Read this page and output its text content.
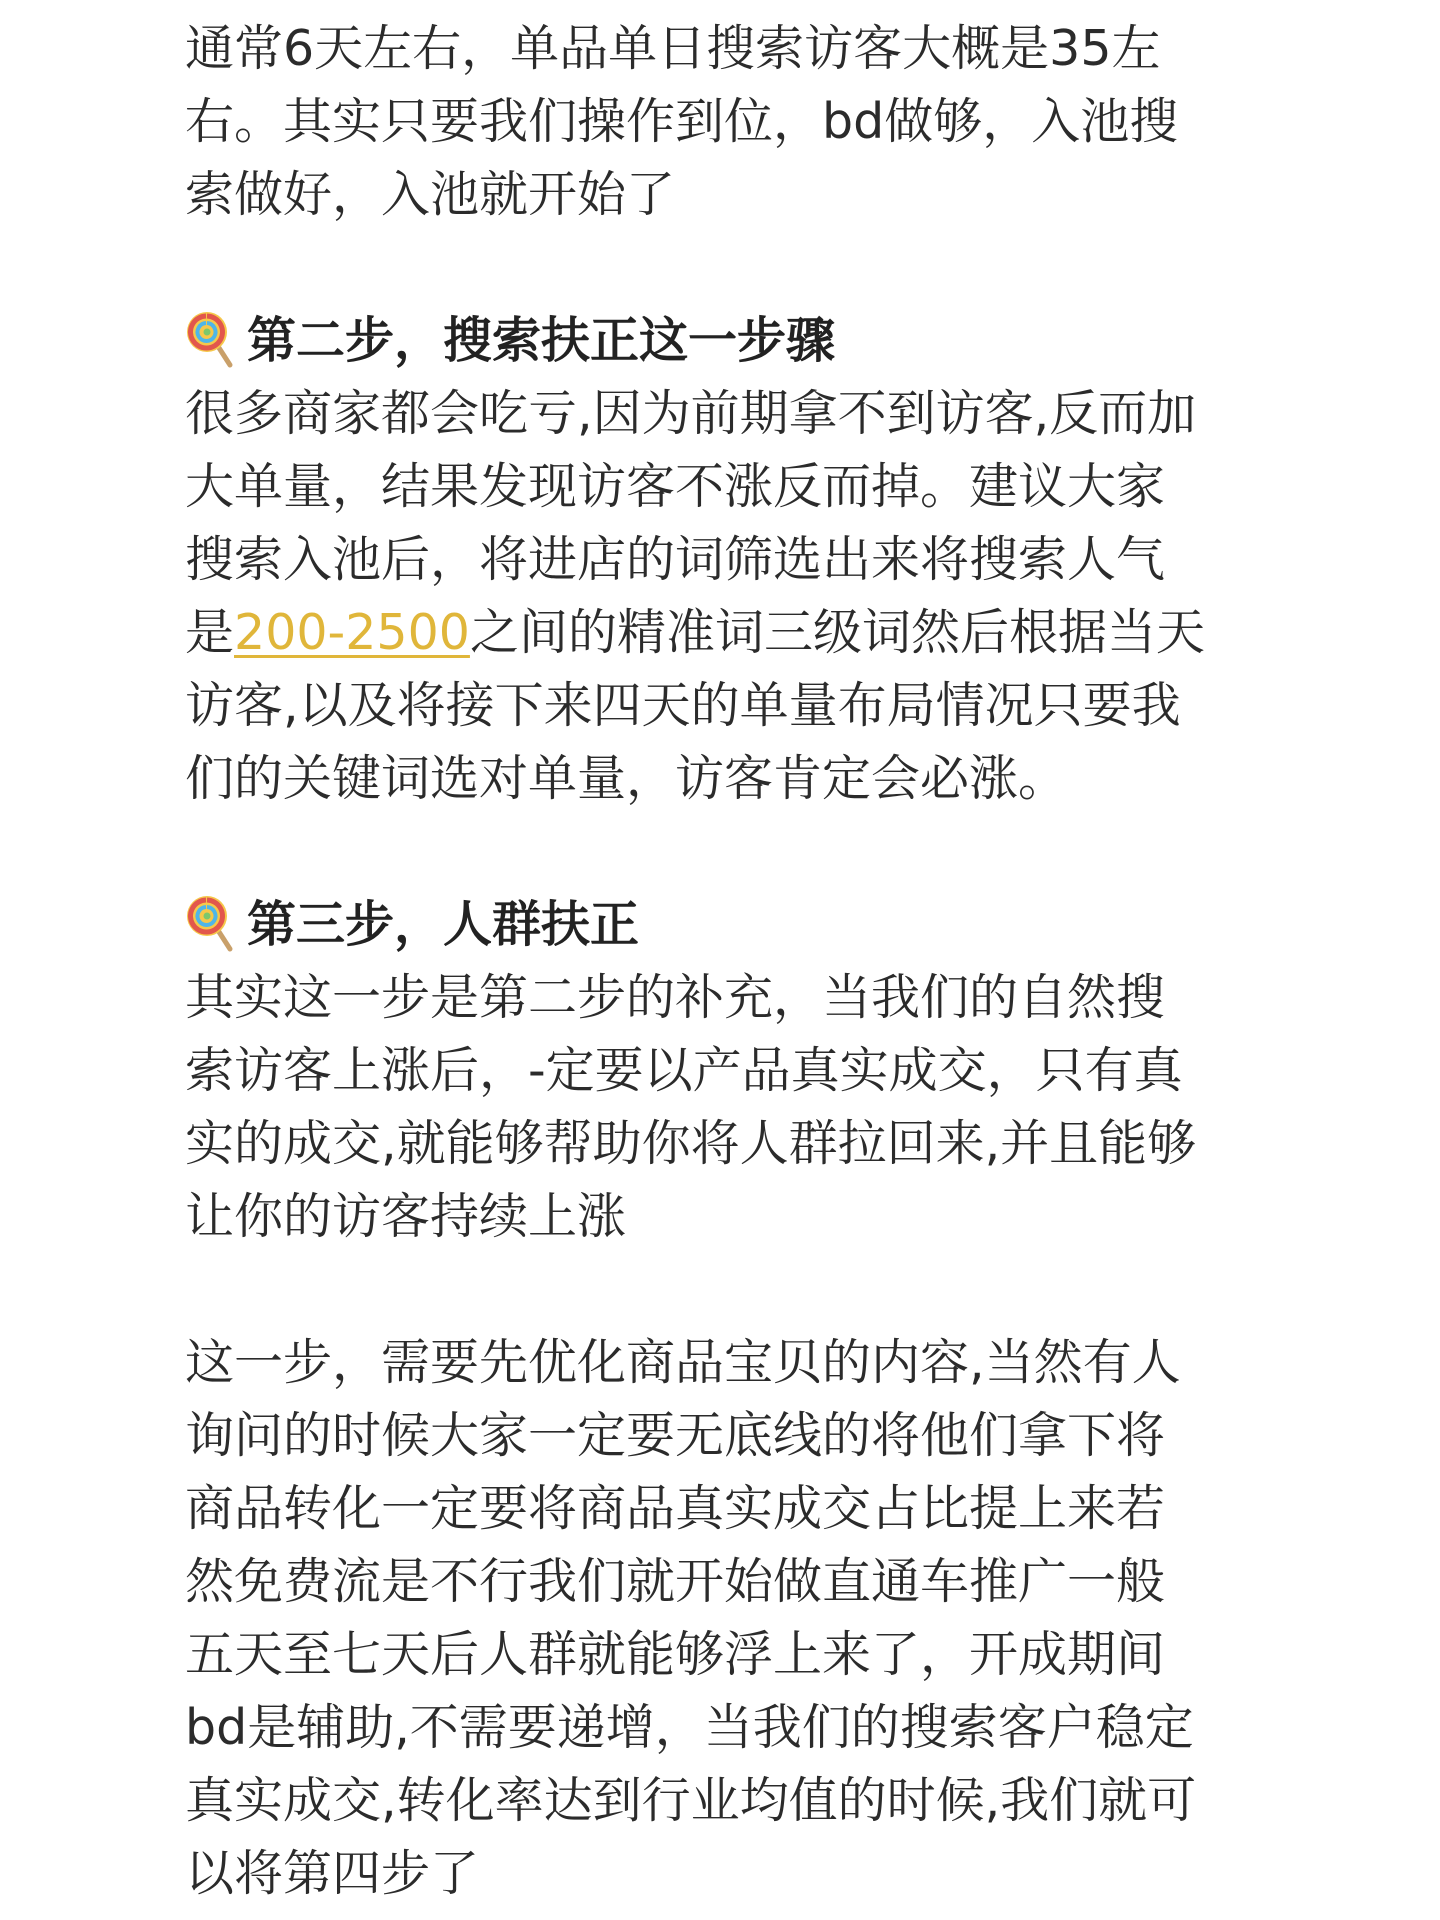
通常6天左右，单品单日搜索访客大概是35左
右。其实只要我们操作到位，bd做够，入池搜
索做好，入池就开始了

第二步，搜索扶正这一步骤

很多商家都会吃亏,因为前期拿不到访客,反而加
大单量，结果发现访客不涨反而掉。建议大家
搜索入池后，将进店的词筛选出来将搜索人气
是200-2500之间的精准词三级词然后根据当天
访客,以及将接下来四天的单量布局情况只要我
们的关键词选对单量，访客肯定会必涨。

第三步，人群扶正

其实这一步是第二步的补充，当我们的自然搜
索访客上涨后，-定要以产品真实成交，只有真
实的成交,就能够帮助你将人群拉回来,并且能够
让你的访客持续上涨

这一步，需要先优化商品宝贝的内容,当然有人
询问的时候大家一定要无底线的将他们拿下将
商品转化一定要将商品真实成交占比提上来若
然免费流是不行我们就开始做直通车推广一般
五天至七天后人群就能够浮上来了，开成期间
bd是辅助,不需要递增，当我们的搜索客户稳定
真实成交,转化率达到行业均值的时候,我们就可
以将第四步了
